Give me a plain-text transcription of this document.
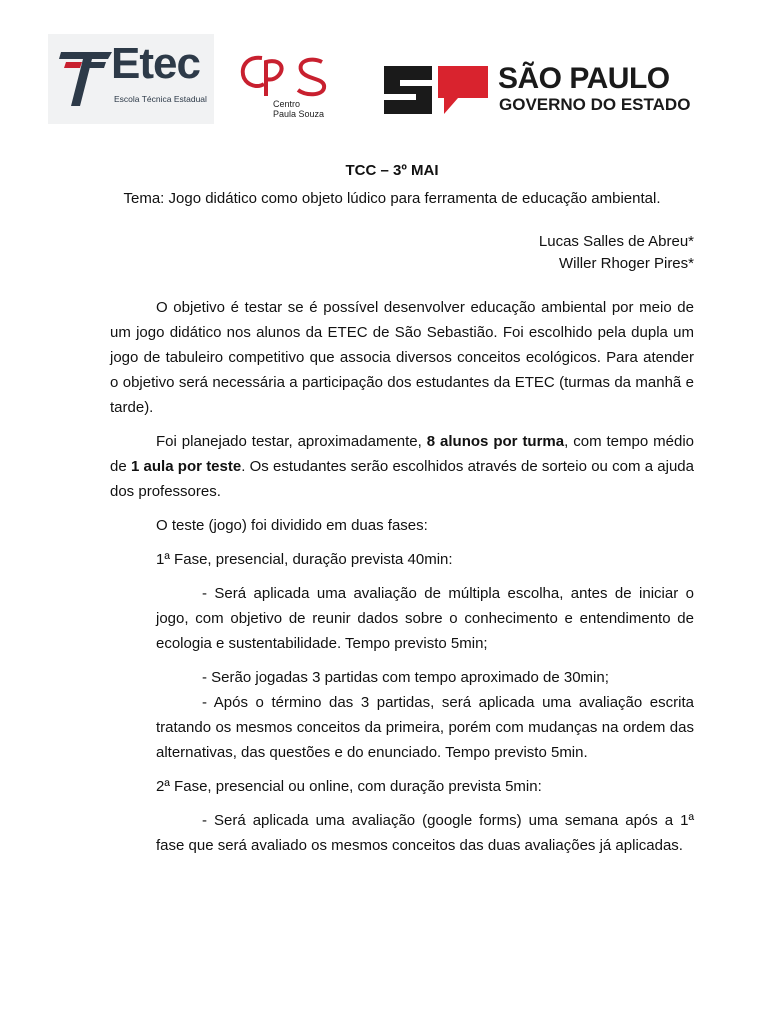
Etec
Escola Técnica Estadual	Centro
Paula Souza
SÃO PAULO
GOVERNO DO ESTADO
TCC – 3º MAI
Tema: Jogo didático como objeto lúdico para ferramenta de educação ambiental.
Lucas Salles de Abreu*
Willer Rhoger Pires*

O objetivo é testar se é possível desenvolver educação ambiental por meio de um jogo didático nos alunos da ETEC de São Sebastião. Foi escolhido pela dupla um jogo de tabuleiro competitivo que associa diversos conceitos ecológicos. Para atender o objetivo será necessária a participação dos estudantes da ETEC (turmas da manhã e tarde).

Foi planejado testar, aproximadamente, 8 alunos por turma, com tempo médio de 1 aula por teste. Os estudantes serão escolhidos através de sorteio ou com a ajuda dos professores.

O teste (jogo) foi dividido em duas fases:

1ª Fase, presencial, duração prevista 40min:

- Será aplicada uma avaliação de múltipla escolha, antes de iniciar o jogo, com objetivo de reunir dados sobre o conhecimento e entendimento de ecologia e sustentabilidade. Tempo previsto 5min;
- Serão jogadas 3 partidas com tempo aproximado de 30min;
- Após o término das 3 partidas, será aplicada uma avaliação escrita tratando os mesmos conceitos da primeira, porém com mudanças na ordem das alternativas, das questões e do enunciado. Tempo previsto 5min.

2ª Fase, presencial ou online, com duração prevista 5min:

- Será aplicada uma avaliação (google forms) uma semana após a 1ª fase que será avaliado os mesmos conceitos das duas avaliações já aplicadas.
